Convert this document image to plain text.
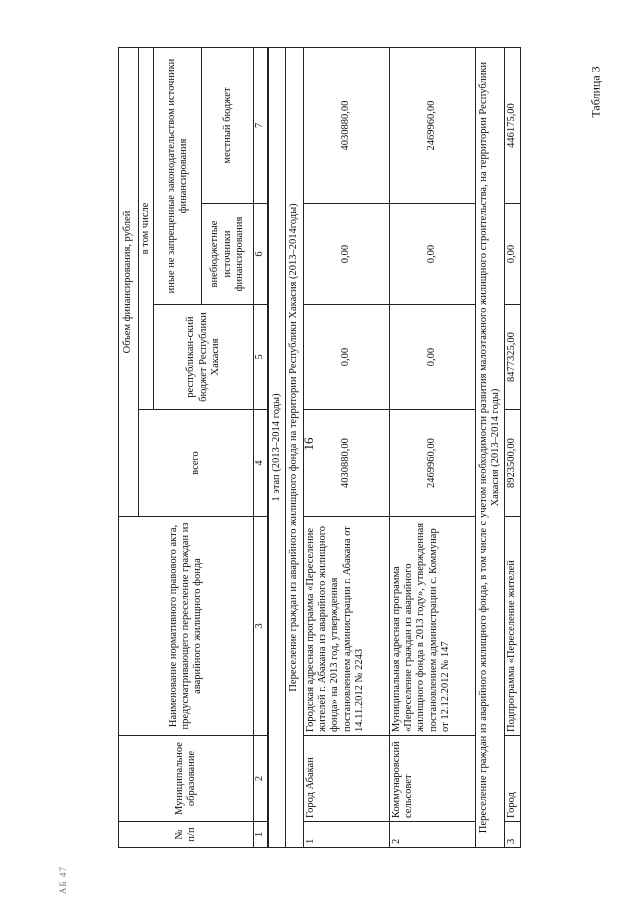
16
АБ 47
Таблица 3
№ п/п	Муниципальное образование	Наименование нормативного правового акта, предусматривающего переселение граждан из аварийного жилищного фонда	Объем финансирования, рублей			
			всего	в том числе		
				республикан-ский бюджет Республики Хакасия	иные не запрещенные законодательством источники финансирования	
					внебюджетные источники финансирования	местный бюджет
1	2	3	4	5	6	7
1 этап (2013–2014 годы)						
Переселение граждан из аварийного жилищного фонда на территории Республики Хакасия (2013–2014годы)						
1	Город Абакан	Городская адресная программа «Переселение жителей г. Абакана из аварийного жилищного фонда» на 2013 год, утвержденная постановлением администрации г. Абакана от 14.11.2012 № 2243	4030880,00	0,00	0,00	4030880,00
2	Коммунаровский сельсовет	Муниципальная адресная программа «Переселение граждан из аварийного жилищного фонда в 2013 году», утвержденная постановлением администрации с. Коммунар от 12.12.2012 № 147	2469960,00	0,00	0,00	2469960,00
Переселение граждан из аварийного жилищного фонда, в том числе с учетом необходимости развития малоэтажного жилищного строительства, на территории Республики Хакасия (2013–2014 годы)						
3	Город	Подпрограмма «Переселение жителей	8923500,00	8477325,00	0,00	446175,00
